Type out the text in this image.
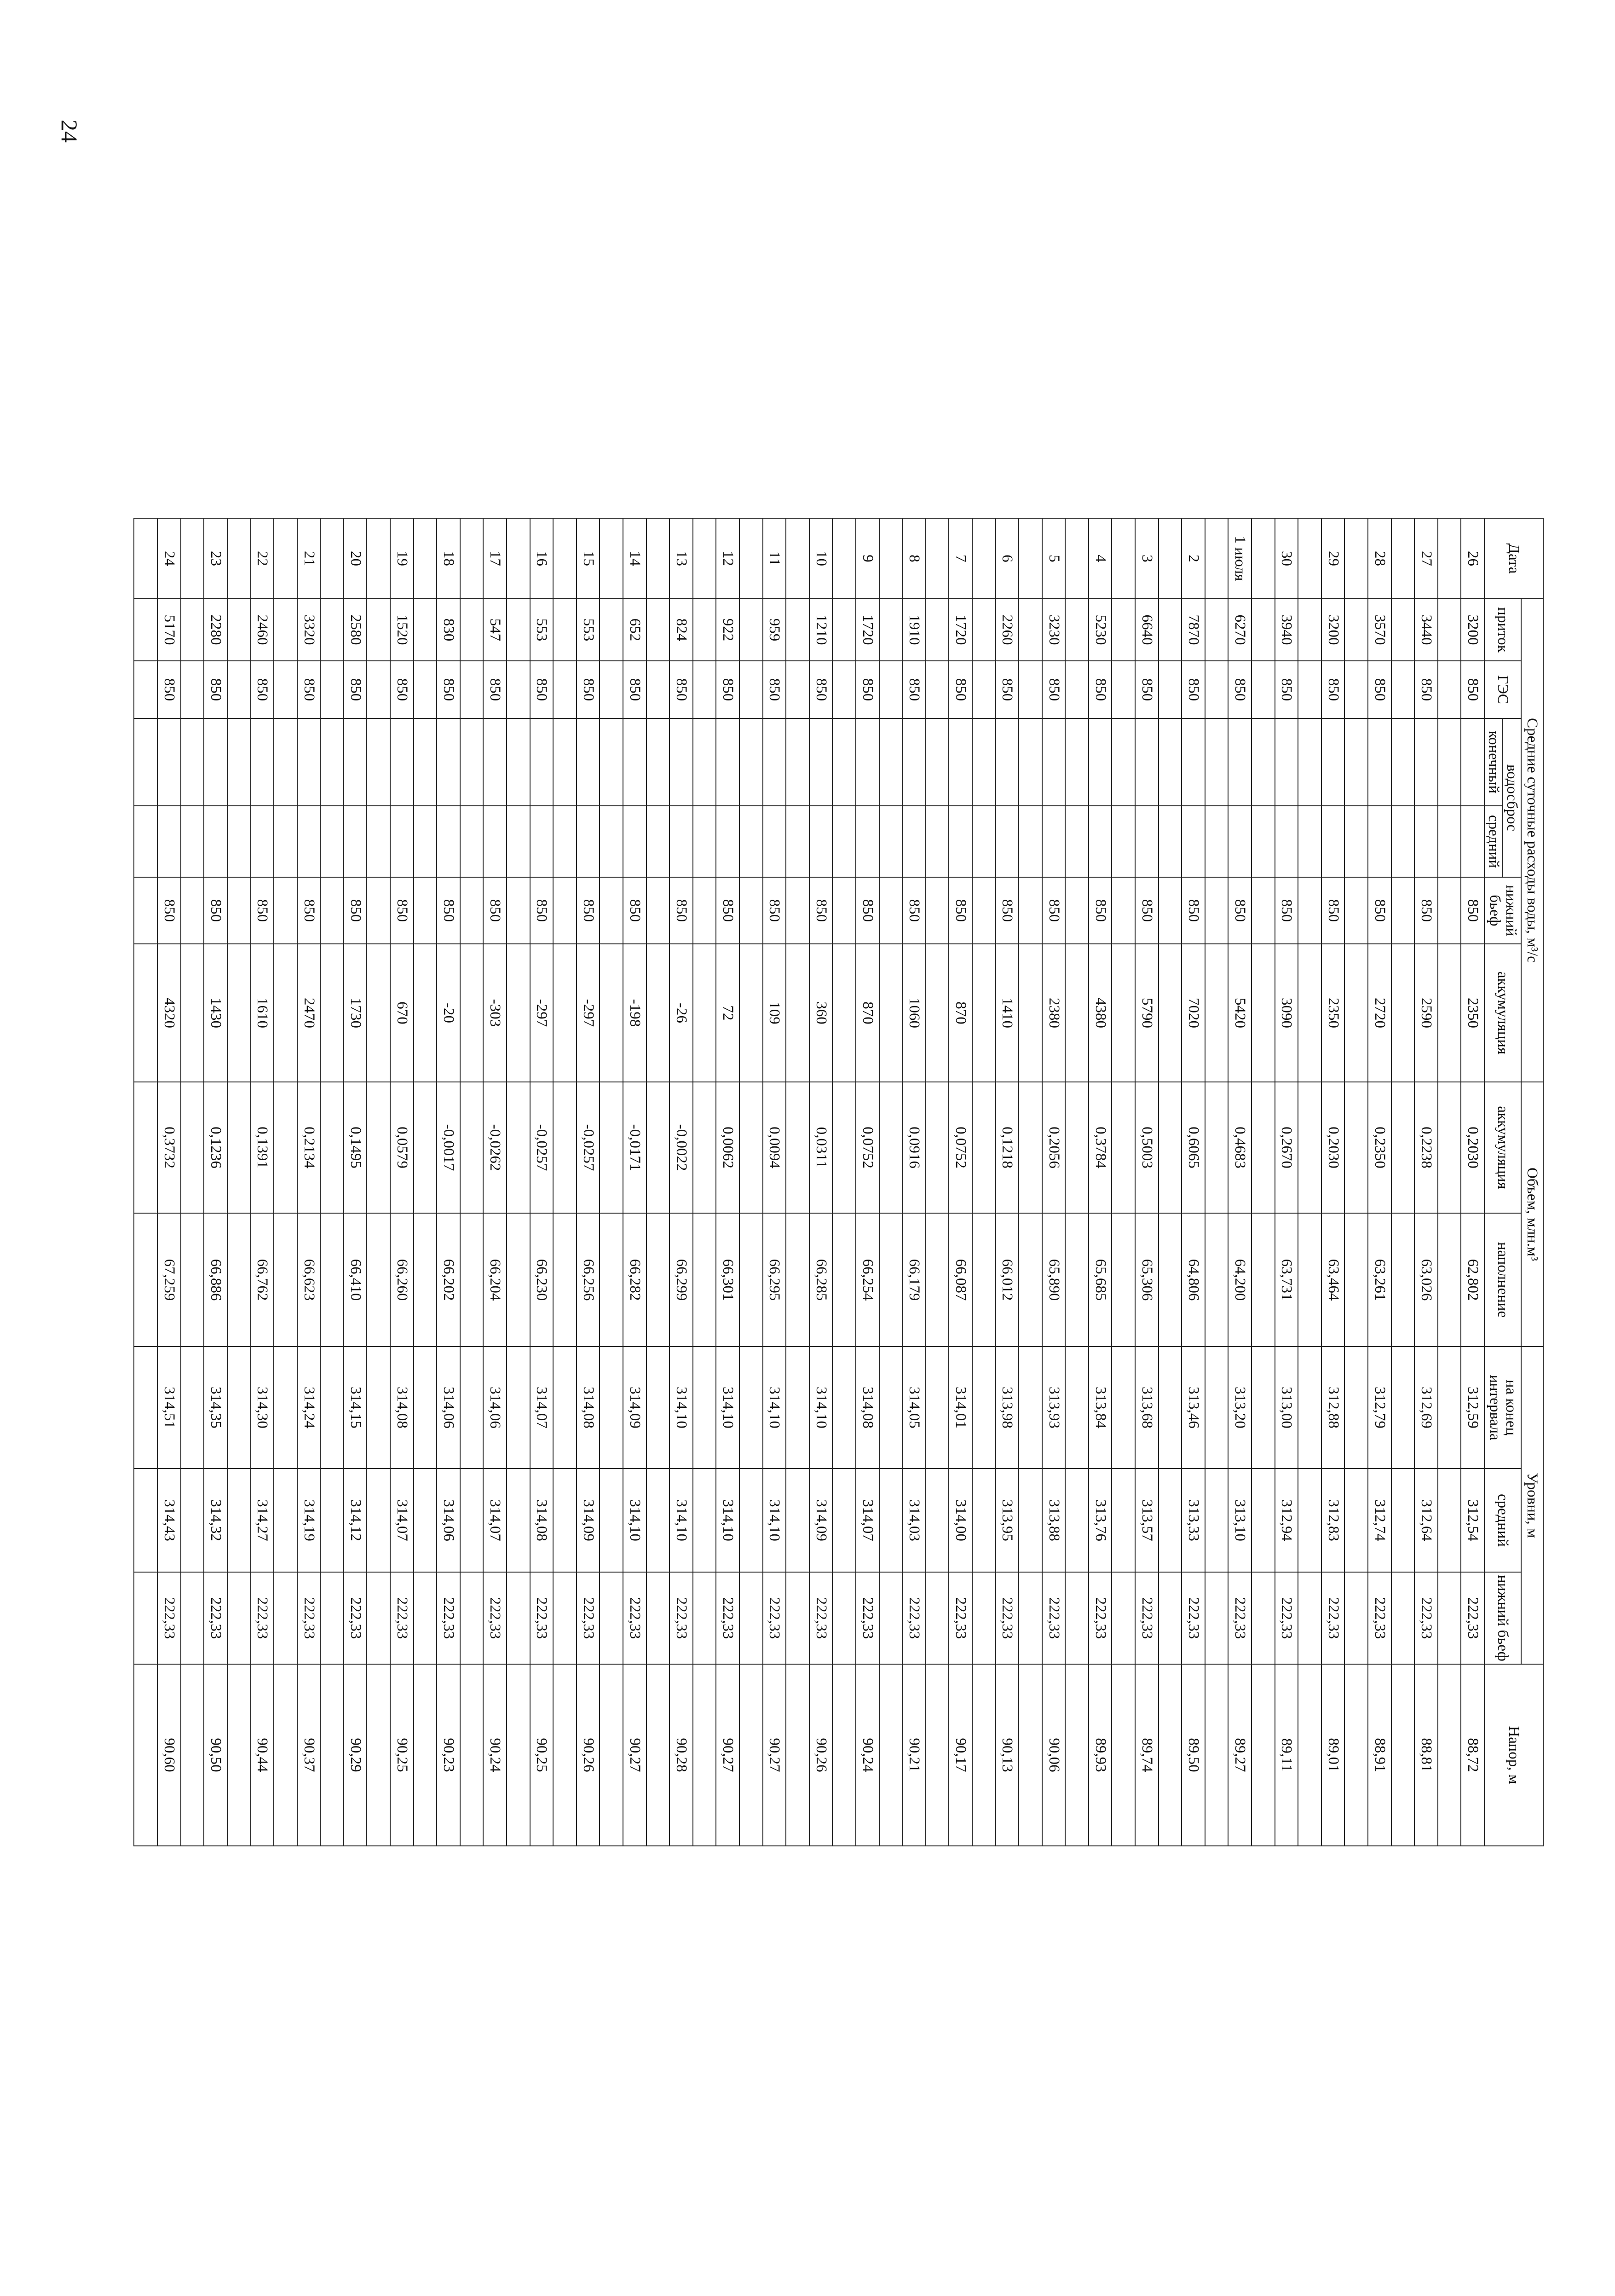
24
Дата	Средние суточные расходы воды, м³/с						Объем, млн.м³		Уровни, м			Напор, м
	приток	ГЭС	водосброс		нижний бьеф	аккумуляция	аккумуляция	наполнение	на конец интервала	средний	нижний бьеф	
			конечный	средний								
26	3200	850			850	2350	0,2030	62,802	312,59	312,54	222,33	88,72

27	3440	850			850	2590	0,2238	63,026	312,69	312,64	222,33	88,81

28	3570	850			850	2720	0,2350	63,261	312,79	312,74	222,33	88,91

29	3200	850			850	2350	0,2030	63,464	312,88	312,83	222,33	89,01

30	3940	850			850	3090	0,2670	63,731	313,00	312,94	222,33	89,11

1 июля	6270	850			850	5420	0,4683	64,200	313,20	313,10	222,33	89,27

2	7870	850			850	7020	0,6065	64,806	313,46	313,33	222,33	89,50

3	6640	850			850	5790	0,5003	65,306	313,68	313,57	222,33	89,74

4	5230	850			850	4380	0,3784	65,685	313,84	313,76	222,33	89,93

5	3230	850			850	2380	0,2056	65,890	313,93	313,88	222,33	90,06

6	2260	850			850	1410	0,1218	66,012	313,98	313,95	222,33	90,13

7	1720	850			850	870	0,0752	66,087	314,01	314,00	222,33	90,17

8	1910	850			850	1060	0,0916	66,179	314,05	314,03	222,33	90,21

9	1720	850			850	870	0,0752	66,254	314,08	314,07	222,33	90,24

10	1210	850			850	360	0,0311	66,285	314,10	314,09	222,33	90,26

11	959	850			850	109	0,0094	66,295	314,10	314,10	222,33	90,27

12	922	850			850	72	0,0062	66,301	314,10	314,10	222,33	90,27

13	824	850			850	-26	-0,0022	66,299	314,10	314,10	222,33	90,28

14	652	850			850	-198	-0,0171	66,282	314,09	314,10	222,33	90,27

15	553	850			850	-297	-0,0257	66,256	314,08	314,09	222,33	90,26

16	553	850			850	-297	-0,0257	66,230	314,07	314,08	222,33	90,25

17	547	850			850	-303	-0,0262	66,204	314,06	314,07	222,33	90,24

18	830	850			850	-20	-0,0017	66,202	314,06	314,06	222,33	90,23

19	1520	850			850	670	0,0579	66,260	314,08	314,07	222,33	90,25

20	2580	850			850	1730	0,1495	66,410	314,15	314,12	222,33	90,29

21	3320	850			850	2470	0,2134	66,623	314,24	314,19	222,33	90,37

22	2460	850			850	1610	0,1391	66,762	314,30	314,27	222,33	90,44

23	2280	850			850	1430	0,1236	66,886	314,35	314,32	222,33	90,50

24	5170	850			850	4320	0,3732	67,259	314,51	314,43	222,33	90,60
